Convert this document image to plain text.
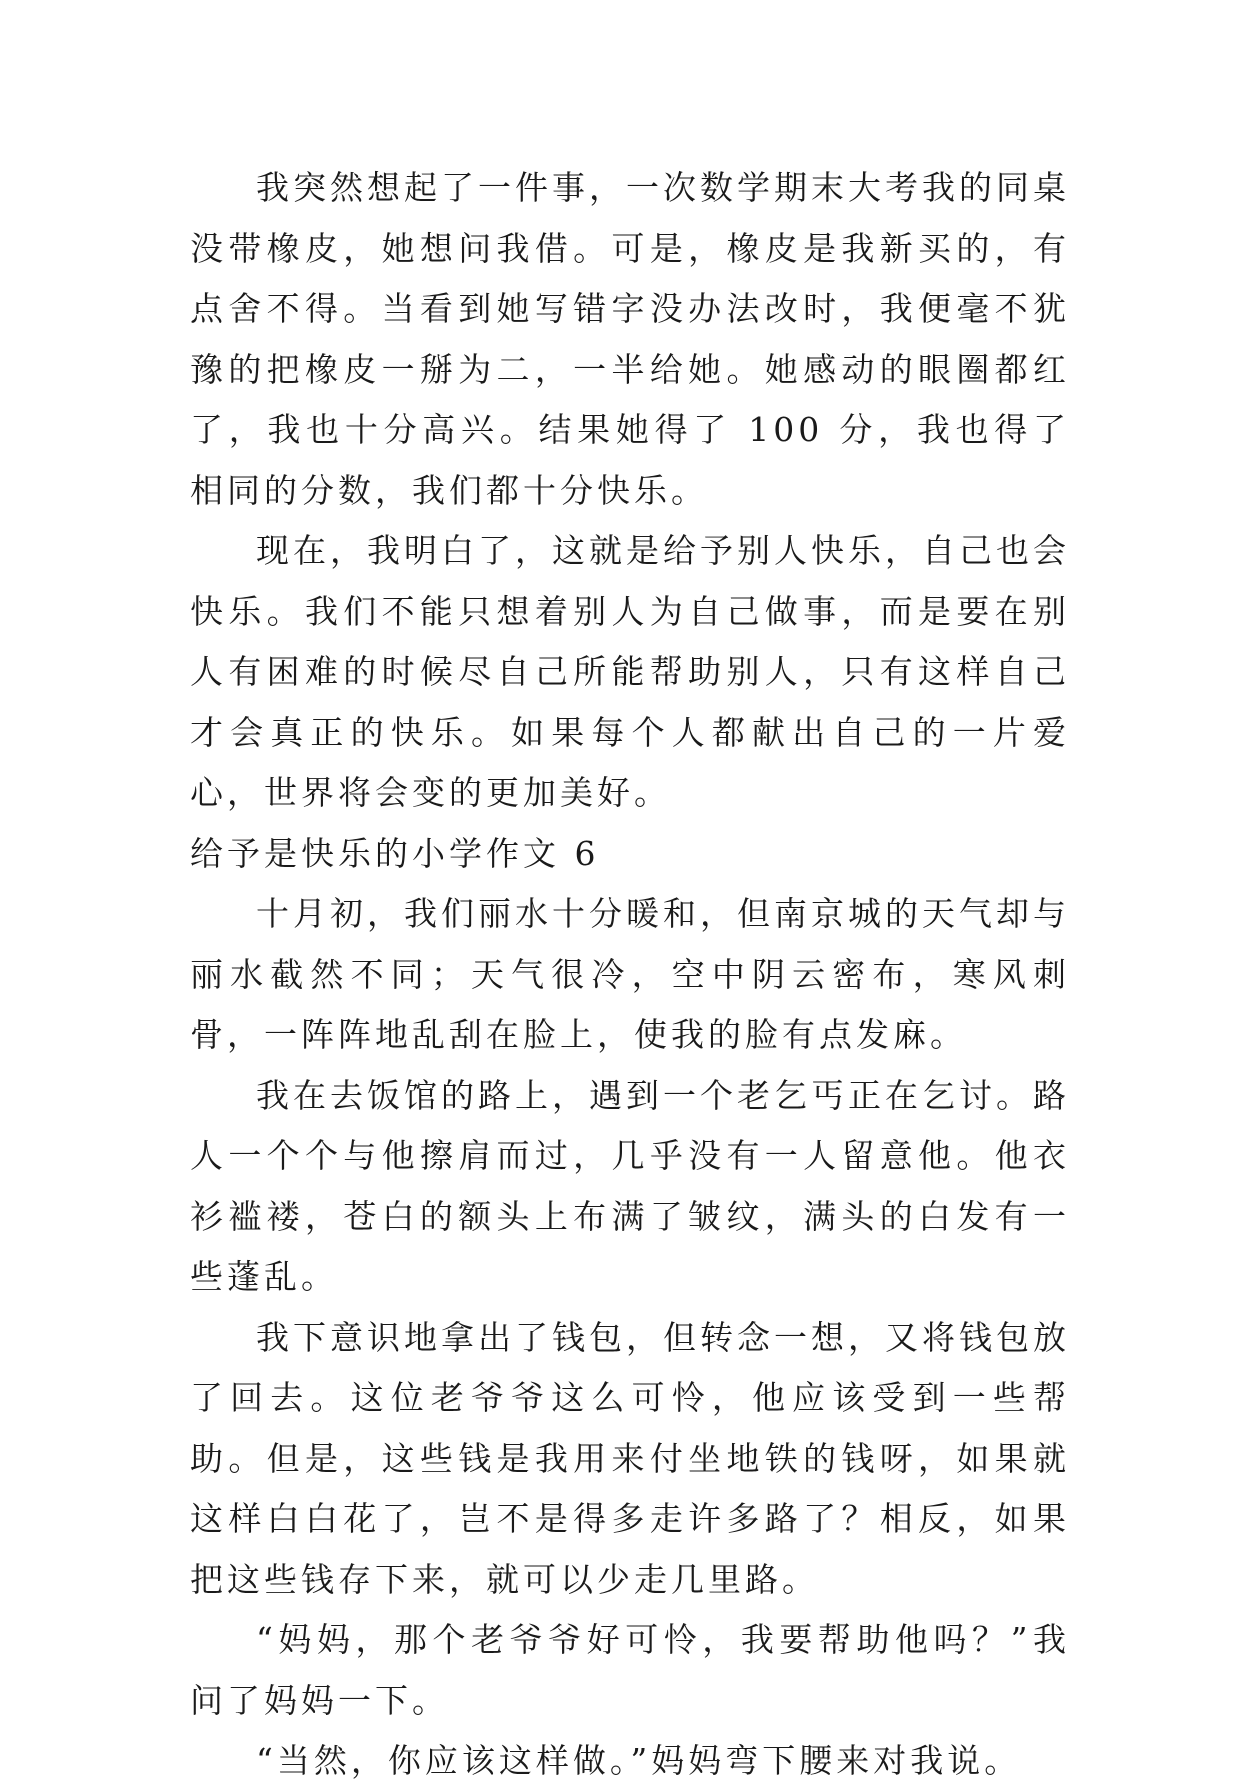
我突然想起了一件事，一次数学期末大考我的同桌没带橡皮，她想问我借。可是，橡皮是我新买的，有点舍不得。当看到她写错字没办法改时，我便毫不犹豫的把橡皮一掰为二，一半给她。她感动的眼圈都红了，我也十分高兴。结果她得了 100 分，我也得了相同的分数，我们都十分快乐。

现在，我明白了，这就是给予别人快乐，自己也会快乐。我们不能只想着别人为自己做事，而是要在别人有困难的时候尽自己所能帮助别人，只有这样自己才会真正的快乐。如果每个人都献出自己的一片爱心，世界将会变的更加美好。

给予是快乐的小学作文 6

十月初，我们丽水十分暖和，但南京城的天气却与丽水截然不同；天气很冷，空中阴云密布，寒风刺骨，一阵阵地乱刮在脸上，使我的脸有点发麻。

我在去饭馆的路上，遇到一个老乞丐正在乞讨。路人一个个与他擦肩而过，几乎没有一人留意他。他衣衫褴褛，苍白的额头上布满了皱纹，满头的白发有一些蓬乱。

我下意识地拿出了钱包，但转念一想，又将钱包放了回去。这位老爷爷这么可怜，他应该受到一些帮助。但是，这些钱是我用来付坐地铁的钱呀，如果就这样白白花了，岂不是得多走许多路了？相反，如果把这些钱存下来，就可以少走几里路。

“妈妈，那个老爷爷好可怜，我要帮助他吗？”我问了妈妈一下。

“当然，你应该这样做。”妈妈弯下腰来对我说。
